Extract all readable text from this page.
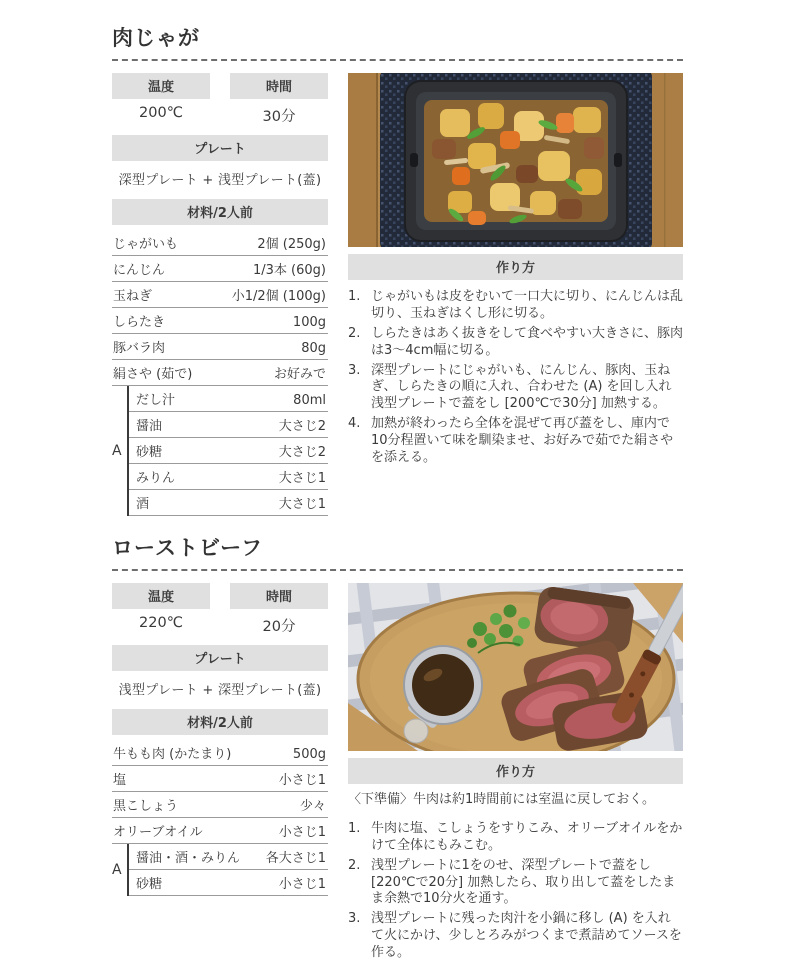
肉じゃが
温度	時間
200℃	30分
プレート
深型プレート + 浅型プレート(蓋)
材料/2人前
じゃがいも	2個 (250g)
にんじん	1/3本 (60g)
玉ねぎ	小1/2個 (100g)
しらたき	100g
豚バラ肉	80g
絹さや (茹で)	お好みで
A
だし汁	80ml
醤油	大さじ2
砂糖	大さじ2
みりん	大さじ1
酒	大さじ1
作り方
1. じゃがいもは皮をむいて一口大に切り、にんじんは乱切り、玉ねぎはくし形に切る。
2. しらたきはあく抜きをして食べやすい大きさに、豚肉は3〜4cm幅に切る。
3. 深型プレートにじゃがいも、にんじん、豚肉、玉ねぎ、しらたきの順に入れ、合わせた (A) を回し入れ浅型プレートで蓋をし [200℃で30分] 加熱する。
4. 加熱が終わったら全体を混ぜて再び蓋をし、庫内で10分程置いて味を馴染ませ、お好みで茹でた絹さやを添える。
ローストビーフ
温度	時間
220℃	20分
プレート
浅型プレート + 深型プレート(蓋)
材料/2人前
牛もも肉 (かたまり)	500g
塩	小さじ1
黒こしょう	少々
オリーブオイル	小さじ1
A
醤油・酒・みりん 各大さじ1
砂糖	小さじ1
作り方
〈下準備〉牛肉は約1時間前には室温に戻しておく。
1. 牛肉に塩、こしょうをすりこみ、オリーブオイルをかけて全体にもみこむ。
2. 浅型プレートに1をのせ、深型プレートで蓋をし [220℃で20分] 加熱したら、取り出して蓋をしたまま余熱で10分火を通す。
3. 浅型プレートに残った肉汁を小鍋に移し (A) を入れて火にかけ、少しとろみがつくまで煮詰めてソースを作る。
